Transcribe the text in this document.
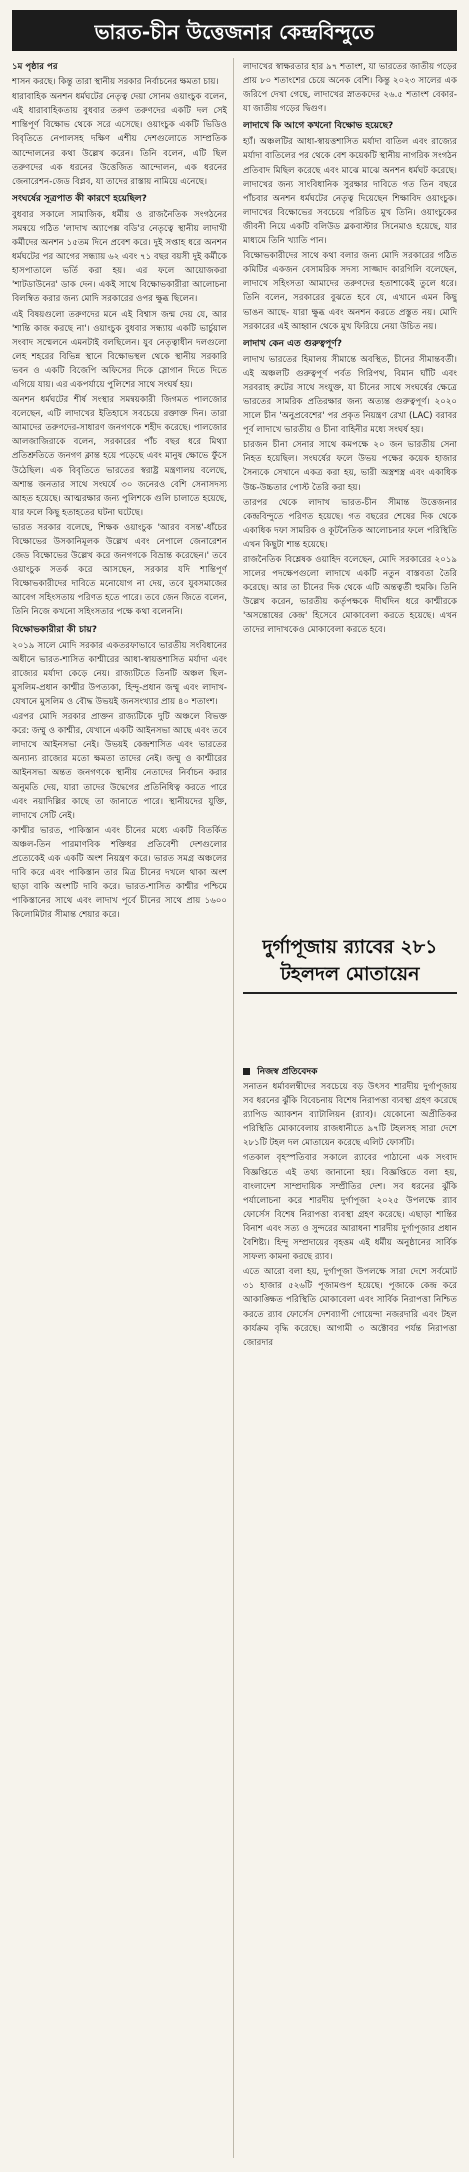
ভারত-চীন উত্তেজনার কেন্দ্রবিন্দুতে

১ম পৃষ্ঠার পর

শাসন করছে। কিন্তু তারা স্থানীয় সরকার নির্বাচনের ক্ষমতা চায়।

ধারাবাহিক অনশন ধর্মঘটের নেতৃত্ব দেয়া সোনম ওয়াংচুক বলেন, এই ধারাবাহিকতায় বুধবার তরুণ তরুণদের একটি দল সেই শান্তিপূর্ণ বিক্ষোভ থেকে সরে এসেছে। ওয়াংচুক একটি ভিডিও বিবৃতিতে নেপালসহ দক্ষিণ এশীয় দেশগুলোতে সাম্প্রতিক আন্দোলনের কথা উল্লেখ করেন। তিনি বলেন, এটি ছিল তরুণদের এক ধরনের উত্তেজিত আন্দোলন, এক ধরনের জেনারেশন-জেড বিপ্লব, যা তাদের রাস্তায় নামিয়ে এনেছে।

সংঘর্ষের সূত্রপাত কী কারণে হয়েছিল?

বুধবার সকালে সামাজিক, ধর্মীয় ও রাজনৈতিক সংগঠনের সমন্বয়ে গঠিত 'লাদাখ অ্যাপেক্স বডি'র নেতৃত্বে স্থানীয় লাদাখী কর্মীদের অনশন ১৫তম দিনে প্রবেশ করে। দুই সপ্তাহ ধরে অনশন ধর্মঘটের পর আগের সন্ধ্যায় ৬২ এবং ৭১ বছর বয়সী দুই কর্মীকে হাসপাতালে ভর্তি করা হয়। এর ফলে আয়োজকরা 'শাটডাউনের' ডাক দেন। একই সাথে বিক্ষোভকারীরা আলোচনা বিলম্বিত করার জন্য মোদি সরকারের ওপর ক্ষুব্ধ ছিলেন।

এই বিষয়গুলো তরুণদের মনে এই বিশ্বাস জন্ম দেয় যে, আর 'শান্তি কাজ করছে না'। ওয়াংচুক বুধবার সন্ধ্যায় একটি ভার্চুয়াল সংবাদ সম্মেলনে এমনটাই বলছিলেন। যুব নেতৃত্বাধীন দলগুলো লেহ শহরের বিভিন্ন স্থানে বিক্ষোভস্থল থেকে স্থানীয় সরকারি ভবন ও একটি বিজেপি অফিসের দিকে স্লোগান দিতে দিতে এগিয়ে যায়। এর একপর্যায়ে পুলিশের সাথে সংঘর্ষ হয়।

অনশন ধর্মঘটের শীর্ষ সংস্থার সমন্বয়কারী জিগমত পালজোর বলেছেন, এটি লাদাখের ইতিহাসে সবচেয়ে রক্তাক্ত দিন। তারা আমাদের তরুণদের-সাধারণ জনগণকে শহীদ করেছে। পালজোর আলজাজিরাকে বলেন, সরকারের পাঁচ বছর ধরে মিথ্যা প্রতিশ্রুতিতে জনগণ ক্লান্ত হয়ে পড়েছে এবং মানুষ ক্ষোভে ফুঁসে উঠেছিল। এক বিবৃতিতে ভারতের স্বরাষ্ট্র মন্ত্রণালয় বলেছে, অশান্ত জনতার সাথে সংঘর্ষে ৩০ জনেরও বেশি সেনাসদস্য আহত হয়েছে। আত্মরক্ষার জন্য পুলিশকে গুলি চালাতে হয়েছে, যার ফলে কিছু হতাহতের ঘটনা ঘটেছে।

ভারত সরকার বলেছে, শিক্ষক ওয়াংচুক 'আরব বসন্ত'-ধাঁচের বিক্ষোভের উসকানিমূলক উল্লেখ এবং নেপালে জেনারেশন জেড বিক্ষোভের উল্লেখ করে জনগণকে বিভ্রান্ত করেছেন।' তবে ওয়াংচুক সতর্ক করে আসছেন, সরকার যদি শান্তিপূর্ণ বিক্ষোভকারীদের দাবিতে মনোযোগ না দেয়, তবে যুবসমাজের আবেগ সহিংসতায় পরিণত হতে পারে। তবে জেন জিতে বলেন, তিনি নিজে কখনো সহিংসতার পক্ষে কথা বলেননি।

বিক্ষোভকারীরা কী চায়?

২০১৯ সালে মোদি সরকার একতরফাভাবে ভারতীয় সংবিধানের অধীনে ভারত-শাসিত কাশ্মীরের আধা-স্বায়ত্তশাসিত মর্যাদা এবং রাজ্যের মর্যাদা কেড়ে নেয়। রাজ্যটিতে তিনটি অঞ্চল ছিল- মুসলিম-প্রধান কাশ্মীর উপত্যকা, হিন্দু-প্রধান জম্মু এবং লাদাখ-যেখানে মুসলিম ও বৌদ্ধ উভয়ই জনসংখ্যার প্রায় ৪০ শতাংশ।

এরপর মোদি সরকার প্রাক্তন রাজ্যটিকে দুটি অঞ্চলে বিভক্ত করে: জম্মু ও কাশ্মীর, যেখানে একটি আইনসভা আছে এবং তবে লাদাখে আইনসভা নেই। উভয়ই কেন্দ্রশাসিত এবং ভারতের অন্যান্য রাজ্যের মতো ক্ষমতা তাদের নেই। জম্মু ও কাশ্মীরের আইনসভা অন্তত জনগণকে স্থানীয় নেতাদের নির্বাচন করার অনুমতি দেয়, যারা তাদের উদ্বেগের প্রতিনিধিত্ব করতে পারে এবং নয়াদিল্লির কাছে তা জানাতে পারে। স্থানীয়দের যুক্তি, লাদাখে সেটি নেই।

কাশ্মীর ভারত, পাকিস্তান এবং চীনের মধ্যে একটি বিতর্কিত অঞ্চল-তিন পারমাণবিক শক্তিধর প্রতিবেশী দেশগুলোর প্রত্যেকেই এক একটি অংশ নিয়ন্ত্রণ করে। ভারত সমগ্র অঞ্চলের দাবি করে এবং পাকিস্তান তার মিত্র চীনের দখলে থাকা অংশ ছাড়া বাকি অংশটি দাবি করে। ভারত-শাসিত কাশ্মীর পশ্চিমে পাকিস্তানের সাথে এবং লাদাখ পূর্বে চীনের সাথে প্রায় ১৬০০ কিলোমিটার সীমান্ত শেয়ার করে।

লাদাখের স্বাক্ষরতার হার ৯৭ শতাংশ, যা ভারতের জাতীয় গড়ের প্রায় ৮০ শতাংশের চেয়ে অনেক বেশি। কিন্তু ২০২৩ সালের এক জরিপে দেখা গেছে, লাদাখের স্নাতকদের ২৬.৫ শতাংশ বেকার-যা জাতীয় গড়ের দ্বিগুণ।

লাদাখে কি আগে কখনো বিক্ষোভ হয়েছে?

হ্যাঁ। অঞ্চলটির আধা-স্বায়ত্তশাসিত মর্যাদা বাতিল এবং রাজ্যের মর্যাদা বাতিলের পর থেকে বেশ কয়েকটি স্থানীয় নাগরিক সংগঠন প্রতিবাদ মিছিল করেছে এবং মাঝে মাঝে অনশন ধর্মঘট করেছে। লাদাখের জন্য সাংবিধানিক সুরক্ষার দাবিতে গত তিন বছরে পাঁচবার অনশন ধর্মঘটের নেতৃত্ব দিয়েছেন শিক্ষাবিদ ওয়াংচুক। লাদাখের বিক্ষোভের সবচেয়ে পরিচিত মুখ তিনি। ওয়াংচুকের জীবনী নিয়ে একটি বলিউড ব্লকবাস্টার সিনেমাও হয়েছে, যার মাধ্যমে তিনি খ্যাতি পান।

বিক্ষোভকারীদের সাথে কথা বলার জন্য মোদি সরকারের গঠিত কমিটির একজন বেসামরিক সদস্য সাজ্জাদ কারগিলি বলেছেন, লাদাখে সহিংসতা আমাদের তরুণদের হতাশাকেই তুলে ধরে। তিনি বলেন, সরকারের বুঝতে হবে যে, এখানে এমন কিছু ভাঙন আছে- যারা ক্ষুব্ধ এবং অনশন করতে প্রস্তুত নয়। মোদি সরকারের এই আহ্বান থেকে মুখ ফিরিয়ে নেয়া উচিত নয়।

লাদাখ কেন এত গুরুত্বপূর্ণ?

লাদাখ ভারতের হিমালয় সীমান্তে অবস্থিত, চীনের সীমান্তবর্তী। এই অঞ্চলটি গুরুত্বপূর্ণ পর্বত গিরিপথ, বিমান ঘাঁটি এবং সরবরাহ রুটের সাথে সংযুক্ত, যা চীনের সাথে সংঘর্ষের ক্ষেত্রে ভারতের সামরিক প্রতিরক্ষার জন্য অত্যন্ত গুরুত্বপূর্ণ। ২০২০ সালে চীন 'অনুপ্রবেশের' পর প্রকৃত নিয়ন্ত্রণ রেখা (LAC) বরাবর পূর্ব লাদাখে ভারতীয় ও চীনা বাহিনীর মধ্যে সংঘর্ষ হয়।

চারজন চীনা সেনার সাথে কমপক্ষে ২০ জন ভারতীয় সেনা নিহত হয়েছিল। সংঘর্ষের ফলে উভয় পক্ষের কয়েক হাজার সৈন্যকে সেখানে একত্র করা হয়, ভারী অস্ত্রশস্ত্র এবং একাধিক উচ্চ-উচ্চতার পোস্ট তৈরি করা হয়।

তারপর থেকে লাদাখ ভারত-চীন সীমান্ত উত্তেজনার কেন্দ্রবিন্দুতে পরিণত হয়েছে। গত বছরের শেষের দিক থেকে একাধিক দফা সামরিক ও কূটনৈতিক আলোচনার ফলে পরিস্থিতি এখন কিছুটা শান্ত হয়েছে।

রাজনৈতিক বিশ্লেষক ওয়াহিদ বলেছেন, মোদি সরকারের ২০১৯ সালের পদক্ষেপগুলো লাদাখে একটি নতুন বাস্তবতা তৈরি করেছে। আর তা চীনের দিক থেকে এটি অন্তত্বর্তী হুমকি। তিনি উল্লেখ করেন, ভারতীয় কর্তৃপক্ষকে দীর্ঘদিন ধরে কাশ্মীরকে 'অসন্তোষের কেন্দ্র' হিসেবে মোকাবেলা করতে হয়েছে। এখন তাদের লাদাখকেও মোকাবেলা করতে হবে।

দুর্গাপূজায় র‍্যাবের ২৮১ টহলদল মোতায়েন
নিজস্ব প্রতিবেদক

সনাতন ধর্মাবলম্বীদের সবচেয়ে বড় উৎসব শারদীয় দুর্গাপূজায় সব ধরনের ঝুঁকি বিবেচনায় বিশেষ নিরাপত্তা ব্যবস্থা গ্রহণ করেছে র‍্যাপিড অ্যাকশন ব্যাটালিয়ন (র‍্যাব)। যেকোনো অপ্রীতিকর পরিস্থিতি মোকাবেলায় রাজধানীতে ৯৭টি টহলসহ সারা দেশে ২৮১টি টহল দল মোতায়েন করেছে এলিট ফোর্সটি।

গতকাল বৃহস্পতিবার সকালে র‍্যাবের পাঠানো এক সংবাদ বিজ্ঞপ্তিতে এই তথ্য জানানো হয়। বিজ্ঞপ্তিতে বলা হয়, বাংলাদেশ সাম্প্রদায়িক সম্প্রীতির দেশ। সব ধরনের ঝুঁকি পর্যালোচনা করে শারদীয় দুর্গাপূজা ২০২৫ উপলক্ষে র‍্যাব ফোর্সেস বিশেষ নিরাপত্তা ব্যবস্থা গ্রহণ করেছে। এছাড়া শান্তির বিনাশ এবং সত্য ও সুন্দরের আরাধনা শারদীয় দুর্গাপূজার প্রধান বৈশিষ্ট্য। হিন্দু সম্প্রদায়ের বৃহত্তম এই ধর্মীয় অনুষ্ঠানের সার্বিক সাফল্য কামনা করছে র‍্যাব।

এতে আরো বলা হয়, দুর্গাপূজা উপলক্ষে সারা দেশে সর্বমোট ৩১ হাজার ৫২৬টি পূজামণ্ডপ হয়েছে। পূজাকে কেন্দ্র করে আকাঙ্ক্ষিত পরিস্থিতি মোকাবেলা এবং সার্বিক নিরাপত্তা নিশ্চিত করতে র‍্যাব ফোর্সেস দেশব্যাপী গোয়েন্দা নজরদারি এবং টহল কার্যক্রম বৃদ্ধি করেছে। আগামী ৩ অক্টোবর পর্যন্ত নিরাপত্তা জোরদার
